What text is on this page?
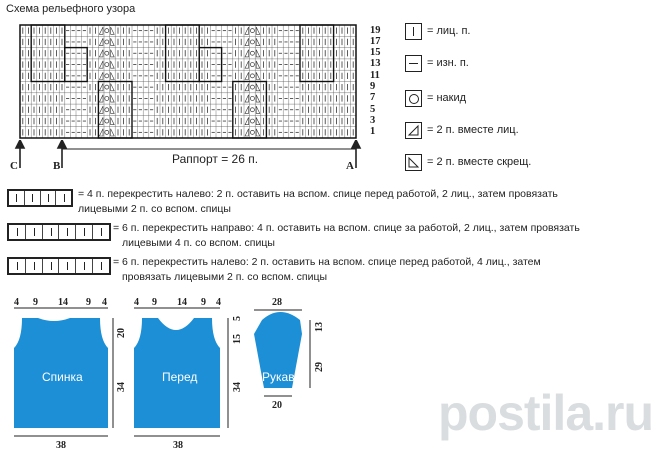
Схема рельефного узора
19
17
15
13
11
9
7
5
3
1
Раппорт = 26 п.
C	B	A
= лиц. п.
= изн. п.
= накид
= 2 п. вместе лиц.
= 2 п. вместе скрещ.
= 4 п. перекрестить налево: 2 п. оставить на вспом. спице перед работой, 2 лиц., затем провязать
лицевыми 2 п. со вспом. спицы
= 6 п. перекрестить направо: 4 п. оставить на вспом. спице за работой, 2 лиц., затем провязать
лицевыми 4 п. со вспом. спицы
= 6 п. перекрестить налево: 2 п. оставить на вспом. спице перед работой, 4 лиц., затем
провязать лицевыми 2 п. со вспом. спицы
4 9 14 9 4
Спинка
20
34
38
4 9 14 9 4
Перед
5
15
34
38
28
Рукав
13
29
20	postila.ru
